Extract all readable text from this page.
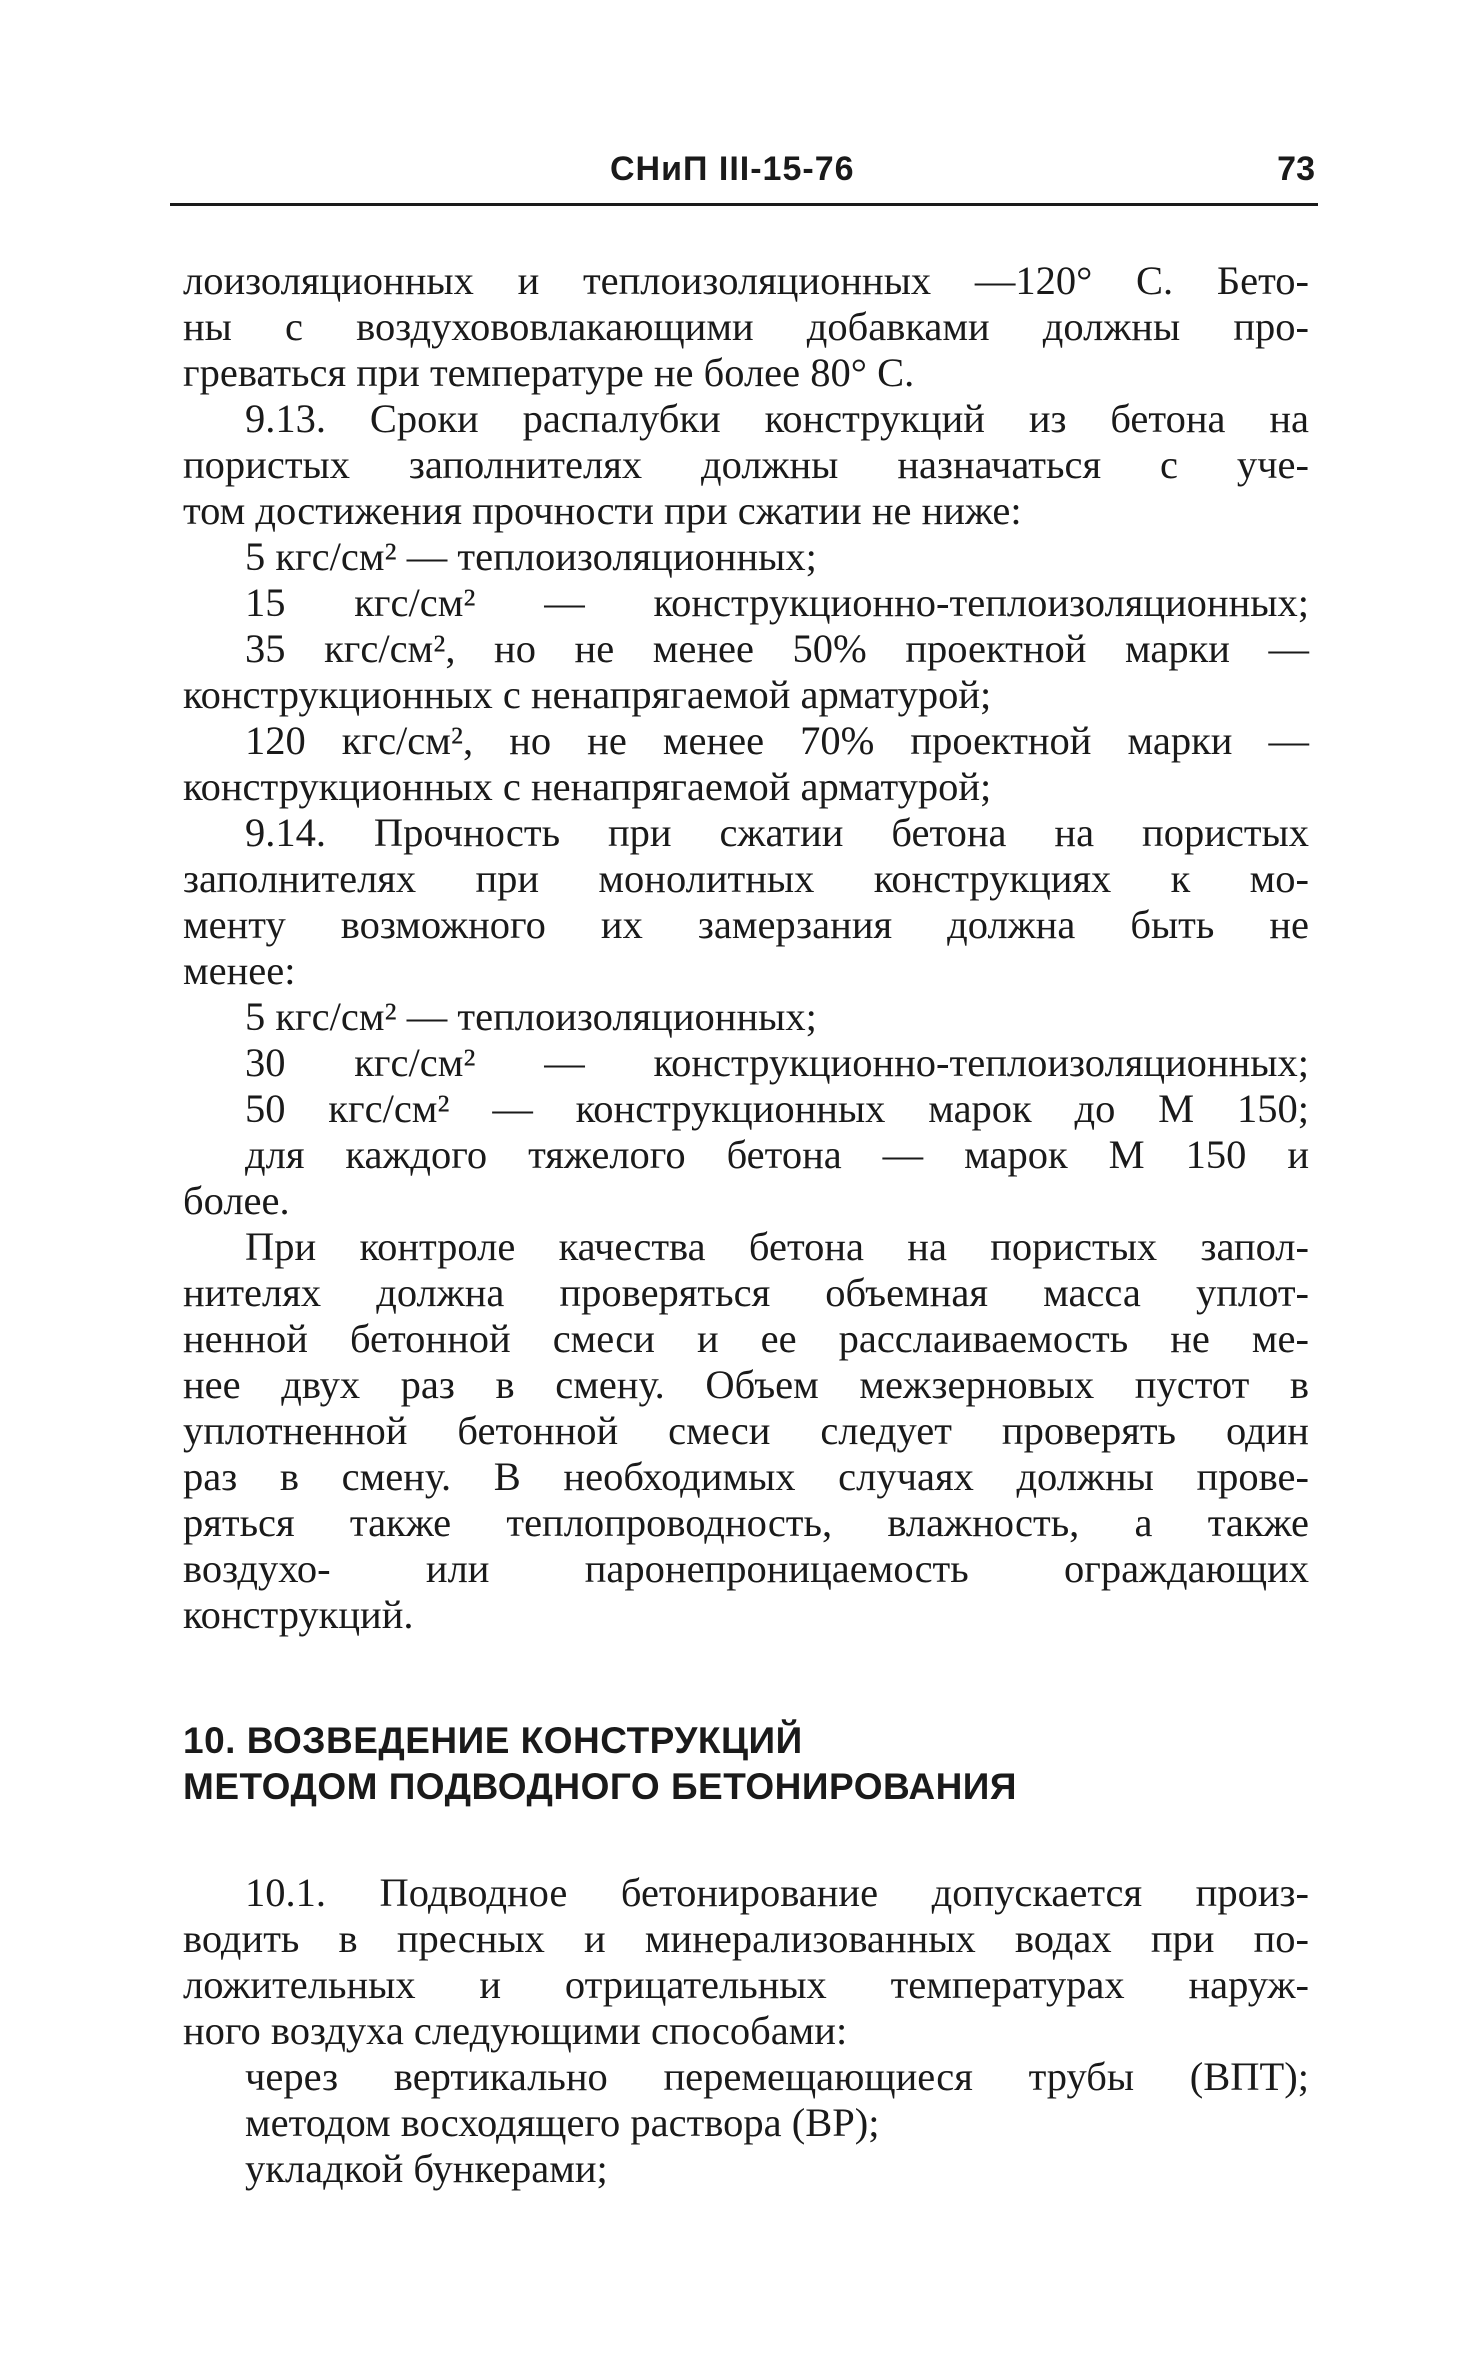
СНиП III-15-76	73
лоизоляционных и теплоизоляционных —120° С. Бето-
ны с воздухововлакающими добавками должны про-
греваться при температуре не более 80° С.
9.13. Сроки распалубки конструкций из бетона на
пористых заполнителях должны назначаться с уче-
том достижения прочности при сжатии не ниже:
5 кгс/см² — теплоизоляционных;
15 кгс/см² — конструкционно-теплоизоляционных;
35 кгс/см², но не менее 50% проектной марки —
конструкционных с ненапрягаемой арматурой;
120 кгс/см², но не менее 70% проектной марки —
конструкционных с ненапрягаемой арматурой;
9.14. Прочность при сжатии бетона на пористых
заполнителях при монолитных конструкциях к мо-
менту возможного их замерзания должна быть не
менее:
5 кгс/см² — теплоизоляционных;
30 кгс/см² — конструкционно-теплоизоляционных;
50 кгс/см² — конструкционных марок до М 150;
для каждого тяжелого бетона — марок М 150 и
более.
При контроле качества бетона на пористых запол-
нителях должна проверяться объемная масса уплот-
ненной бетонной смеси и ее расслаиваемость не ме-
нее двух раз в смену. Объем межзерновых пустот в
уплотненной бетонной смеси следует проверять один
раз в смену. В необходимых случаях должны прове-
ряться также теплопроводность, влажность, а также
воздухо- или паронепроницаемость ограждающих
конструкций.
10. ВОЗВЕДЕНИЕ КОНСТРУКЦИЙ
МЕТОДОМ ПОДВОДНОГО БЕТОНИРОВАНИЯ
10.1. Подводное бетонирование допускается произ-
водить в пресных и минерализованных водах при по-
ложительных и отрицательных температурах наруж-
ного воздуха следующими способами:
через вертикально перемещающиеся трубы (ВПТ);
методом восходящего раствора (ВР);
укладкой бункерами;
